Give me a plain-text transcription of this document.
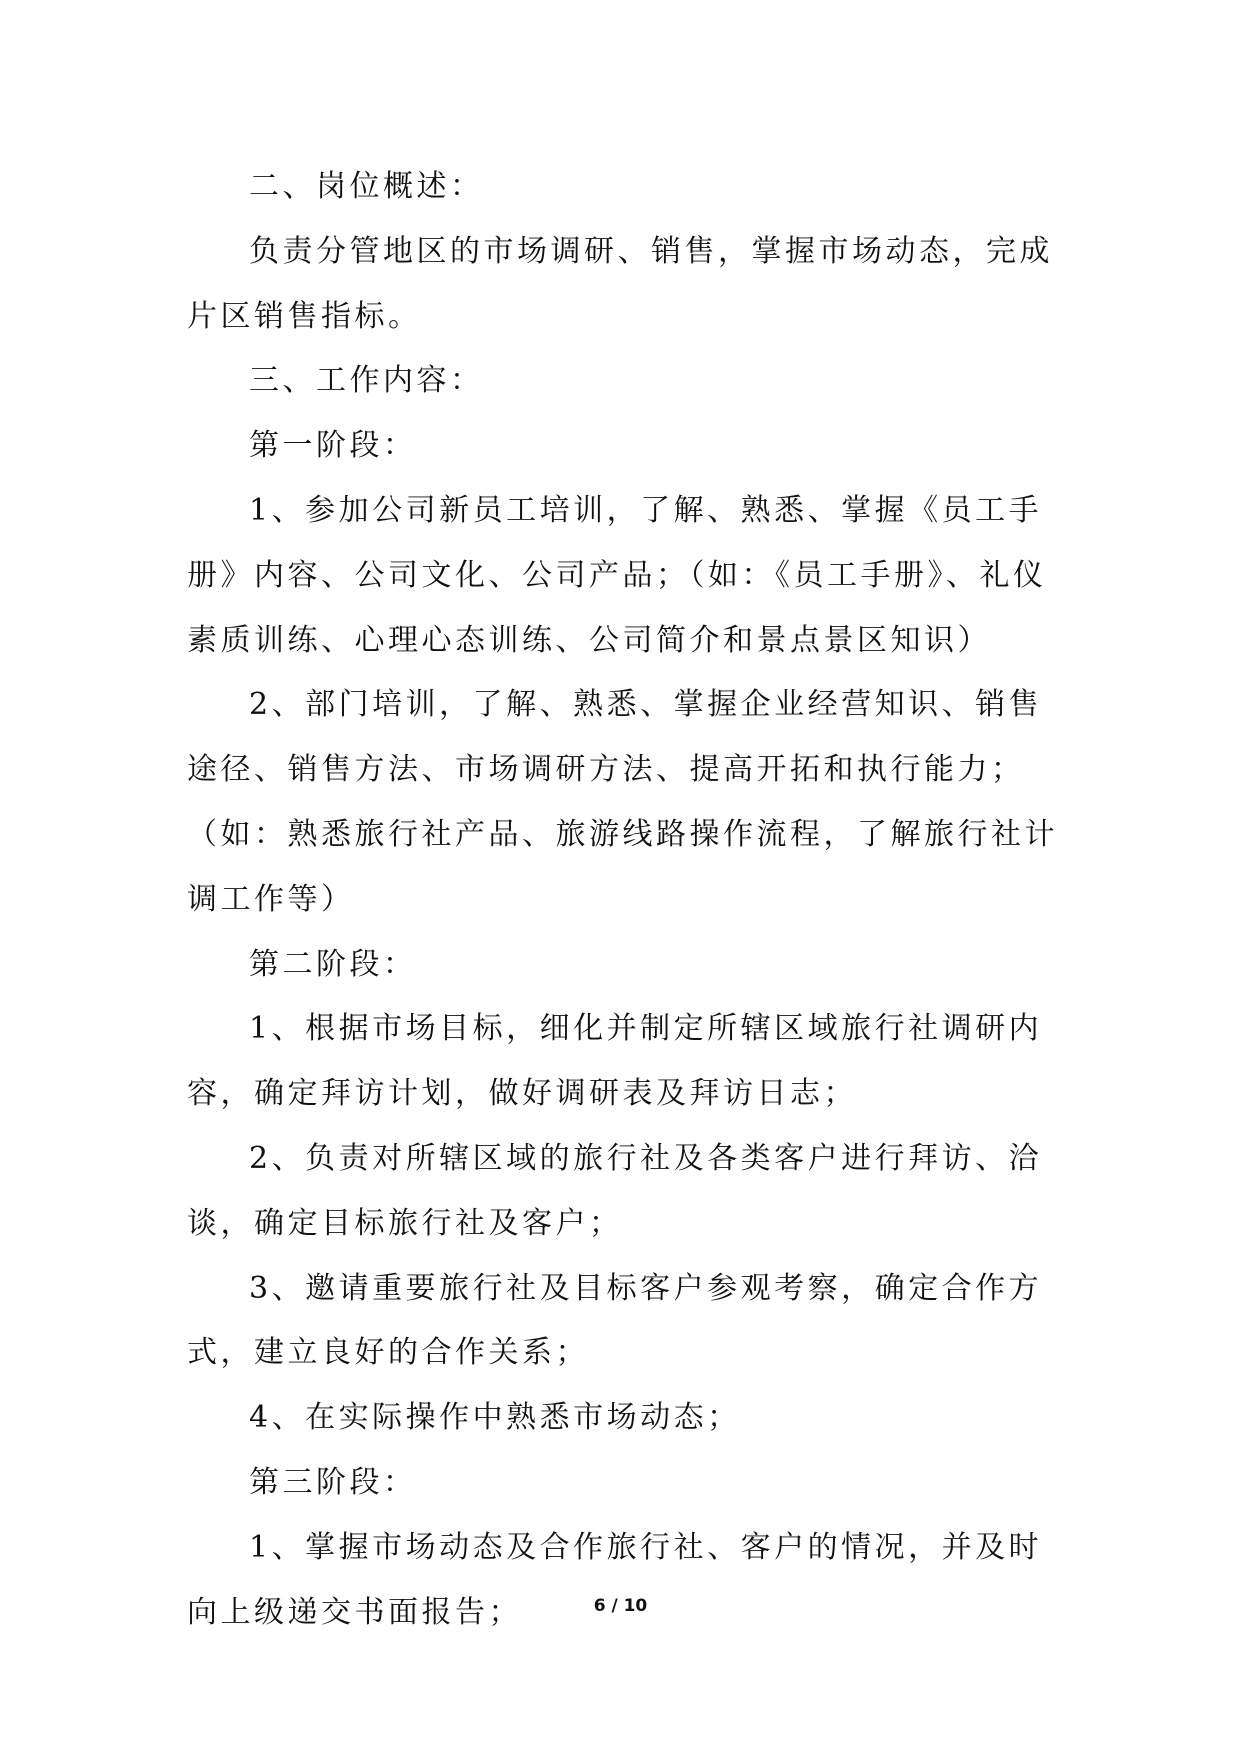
二、岗位概述：

负责分管地区的市场调研、销售，掌握市场动态，完成片区销售指标。

三、工作内容：

第一阶段：

1、参加公司新员工培训，了解、熟悉、掌握《员工手册》内容、公司文化、公司产品；（如：《员工手册》、礼仪素质训练、心理心态训练、公司简介和景点景区知识）

2、部门培训，了解、熟悉、掌握企业经营知识、销售途径、销售方法、市场调研方法、提高开拓和执行能力；（如：熟悉旅行社产品、旅游线路操作流程，了解旅行社计调工作等）

第二阶段：

1、根据市场目标，细化并制定所辖区域旅行社调研内容，确定拜访计划，做好调研表及拜访日志；

2、负责对所辖区域的旅行社及各类客户进行拜访、洽谈，确定目标旅行社及客户；

3、邀请重要旅行社及目标客户参观考察，确定合作方式，建立良好的合作关系；

4、在实际操作中熟悉市场动态；

第三阶段：

1、掌握市场动态及合作旅行社、客户的情况，并及时向上级递交书面报告；	6 / 10
